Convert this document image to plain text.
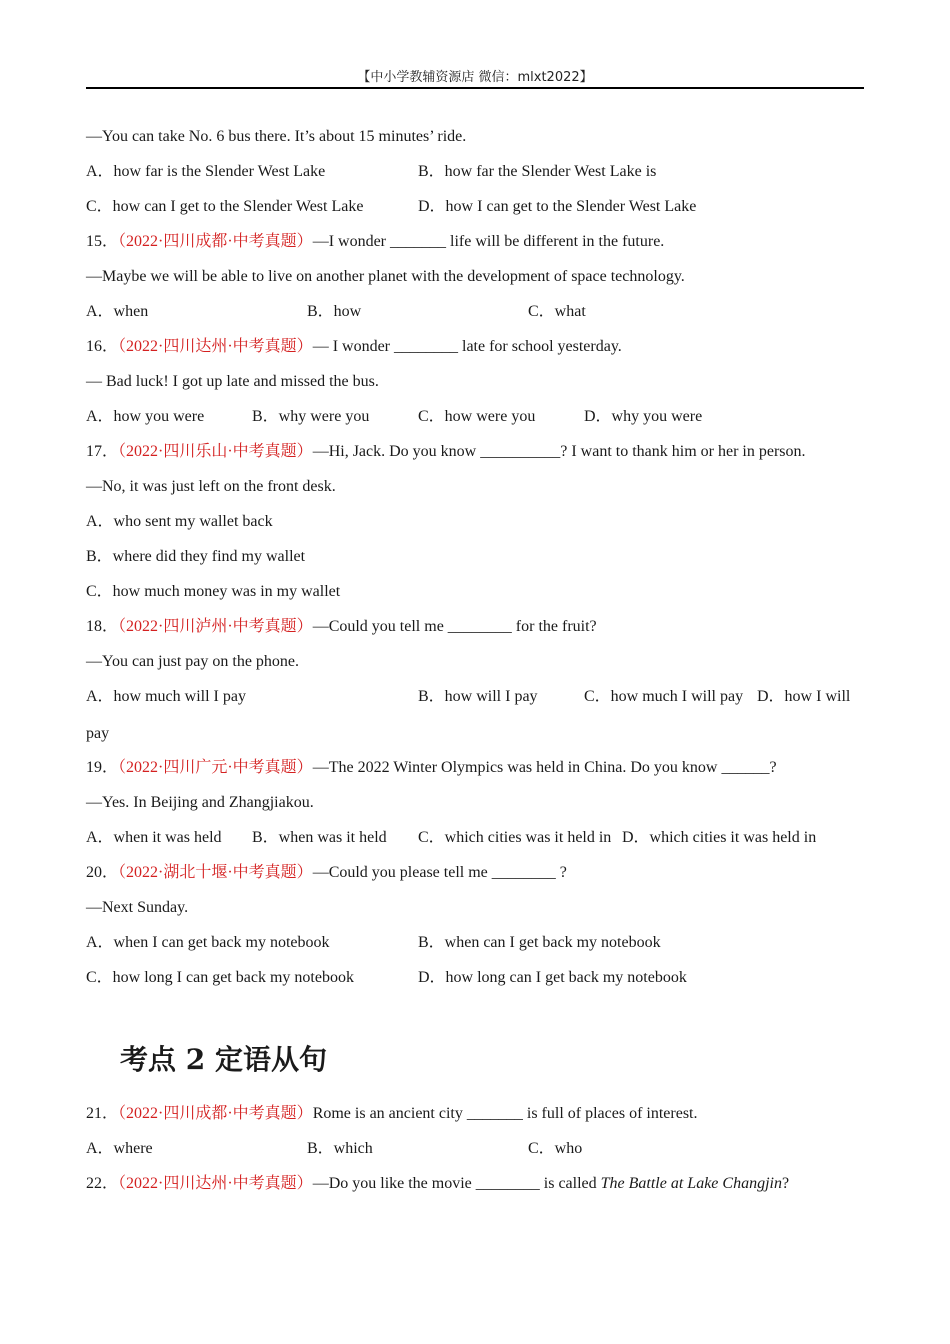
【中小学教辅资源店 微信：mlxt2022】
—You can take No. 6 bus there. It’s about 15 minutes’ ride.
A．how far is the Slender West Lake	B．how far the Slender West Lake is
C．how can I get to the Slender West Lake	D．how I can get to the Slender West Lake
15．（2022·四川成都·中考真题）—I wonder _______ life will be different in the future.
—Maybe we will be able to live on another planet with the development of space technology.
A．when	B．how	C．what
16．（2022·四川达州·中考真题）— I wonder ________ late for school yesterday.
— Bad luck! I got up late and missed the bus.
A．how you were	B．why were you	C．how were you	D．why you were
17．（2022·四川乐山·中考真题）—Hi, Jack. Do you know __________? I want to thank him or her in person.
—No, it was just left on the front desk.
A．who sent my wallet back
B．where did they find my wallet
C．how much money was in my wallet
18．（2022·四川泸州·中考真题）—Could you tell me ________ for the fruit?
—You can just pay on the phone.
A．how much will I pay	B．how will I pay	C．how much I will pay D．how I will
pay
19．（2022·四川广元·中考真题）—The 2022 Winter Olympics was held in China. Do you know ______?
—Yes. In Beijing and Zhangjiakou.
A．when it was held B．when was it held C．which cities was it held in D．which cities it was held in
20．（2022·湖北十堰·中考真题）—Could you please tell me ________ ?
—Next Sunday.
A．when I can get back my notebook	B．when can I get back my notebook
C．how long I can get back my notebook	D．how long can I get back my notebook
考点 2 定语从句
21．（2022·四川成都·中考真题）Rome is an ancient city _______ is full of places of interest.
A．where	B．which	C．who
22．（2022·四川达州·中考真题）—Do you like the movie ________ is called The Battle at Lake Changjin?
